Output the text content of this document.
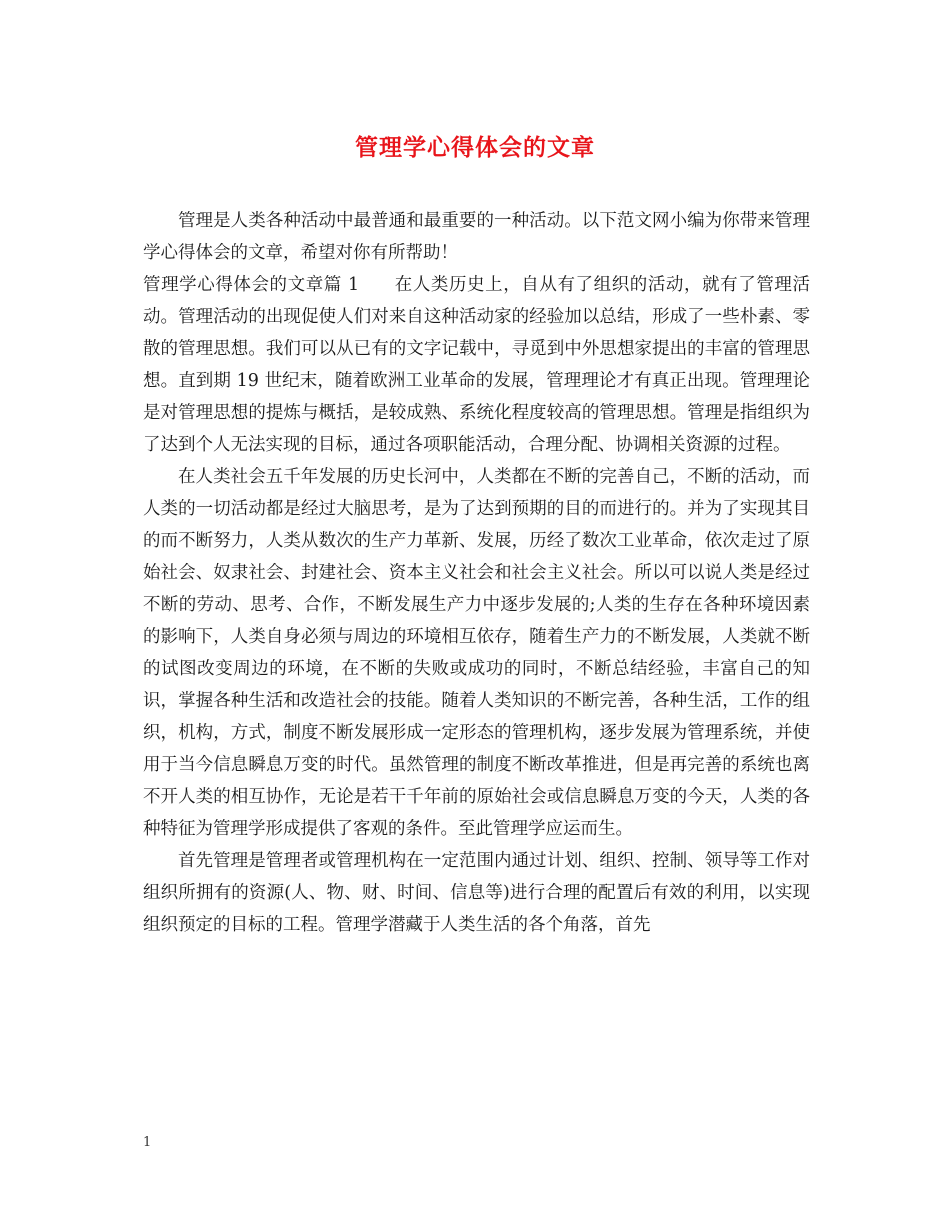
管理学心得体会的文章

管理是人类各种活动中最普通和最重要的一种活动。以下范文网小编为你带来管理学心得体会的文章，希望对你有所帮助！

管理学心得体会的文章篇 1   在人类历史上，自从有了组织的活动，就有了管理活动。管理活动的出现促使人们对来自这种活动家的经验加以总结，形成了一些朴素、零散的管理思想。我们可以从已有的文字记载中，寻觅到中外思想家提出的丰富的管理思想。直到期 19 世纪末，随着欧洲工业革命的发展，管理理论才有真正出现。管理理论是对管理思想的提炼与概括，是较成熟、系统化程度较高的管理思想。管理是指组织为了达到个人无法实现的目标，通过各项职能活动，合理分配、协调相关资源的过程。

在人类社会五千年发展的历史长河中，人类都在不断的完善自己，不断的活动，而人类的一切活动都是经过大脑思考，是为了达到预期的目的而进行的。并为了实现其目的而不断努力，人类从数次的生产力革新、发展，历经了数次工业革命，依次走过了原始社会、奴隶社会、封建社会、资本主义社会和社会主义社会。所以可以说人类是经过不断的劳动、思考、合作，不断发展生产力中逐步发展的;人类的生存在各种环境因素的影响下，人类自身必须与周边的环境相互依存，随着生产力的不断发展，人类就不断的试图改变周边的环境，在不断的失败或成功的同时，不断总结经验，丰富自己的知识，掌握各种生活和改造社会的技能。随着人类知识的不断完善，各种生活，工作的组织，机构，方式，制度不断发展形成一定形态的管理机构，逐步发展为管理系统，并使用于当今信息瞬息万变的时代。虽然管理的制度不断改革推进，但是再完善的系统也离不开人类的相互协作，无论是若干千年前的原始社会或信息瞬息万变的今天，人类的各种特征为管理学形成提供了客观的条件。至此管理学应运而生。

首先管理是管理者或管理机构在一定范围内通过计划、组织、控制、领导等工作对组织所拥有的资源(人、物、财、时间、信息等)进行合理的配置后有效的利用，以实现组织预定的目标的工程。管理学潜藏于人类生活的各个角落，首先

1
